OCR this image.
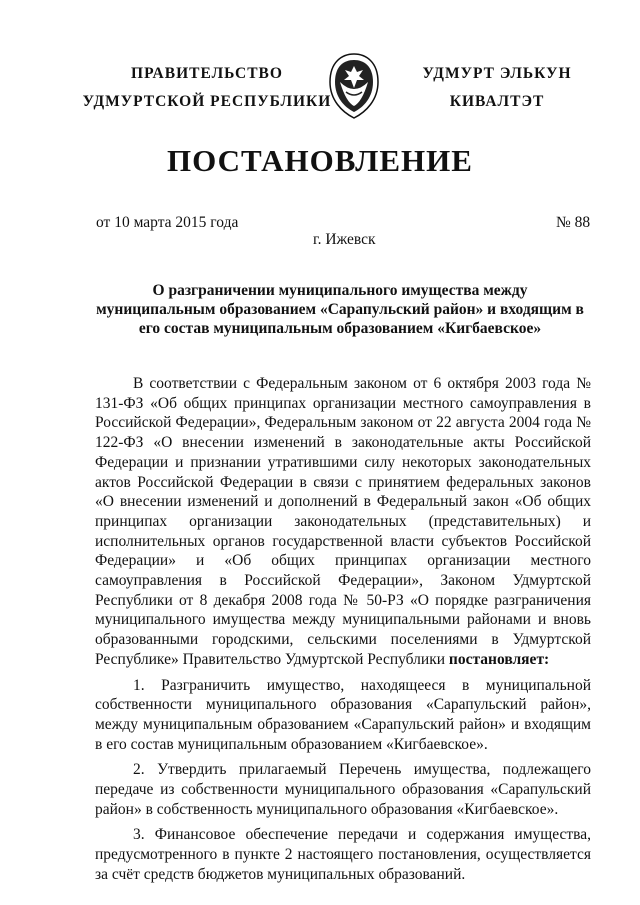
ПРАВИТЕЛЬСТВО
УДМУРТСКОЙ РЕСПУБЛИКИ
УДМУРТ ЭЛЬКУН
КИВАЛТЭТ
ПОСТАНОВЛЕНИЕ
от 10 марта 2015 года	№ 88
г. Ижевск
О разграничении муниципального имущества между муниципальным образованием «Сарапульский район» и входящим в его состав муниципальным образованием «Кигбаевское»

В соответствии с Федеральным законом от 6 октября 2003 года № 131-ФЗ «Об общих принципах организации местного самоуправления в Российской Федерации», Федеральным законом от 22 августа 2004 года № 122-ФЗ «О внесении изменений в законодательные акты Российской Федерации и признании утратившими силу некоторых законодательных актов Российской Федерации в связи с принятием федеральных законов «О внесении изменений и дополнений в Федеральный закон «Об общих принципах организации законодательных (представительных) и исполнительных органов государственной власти субъектов Российской Федерации» и «Об общих принципах организации местного самоуправления в Российской Федерации», Законом Удмуртской Республики от 8 декабря 2008 года № 50-РЗ «О порядке разграничения муниципального имущества между муниципальными районами и вновь образованными городскими, сельскими поселениями в Удмуртской Республике» Правительство Удмуртской Республики постановляет:

1. Разграничить имущество, находящееся в муниципальной собственности муниципального образования «Сарапульский район», между муниципальным образованием «Сарапульский район» и входящим в его состав муниципальным образованием «Кигбаевское».

2. Утвердить прилагаемый Перечень имущества, подлежащего передаче из собственности муниципального образования «Сарапульский район» в собственность муниципального образования «Кигбаевское».

3. Финансовое обеспечение передачи и содержания имущества, предусмотренного в пункте 2 настоящего постановления, осуществляется за счёт средств бюджетов муниципальных образований.
